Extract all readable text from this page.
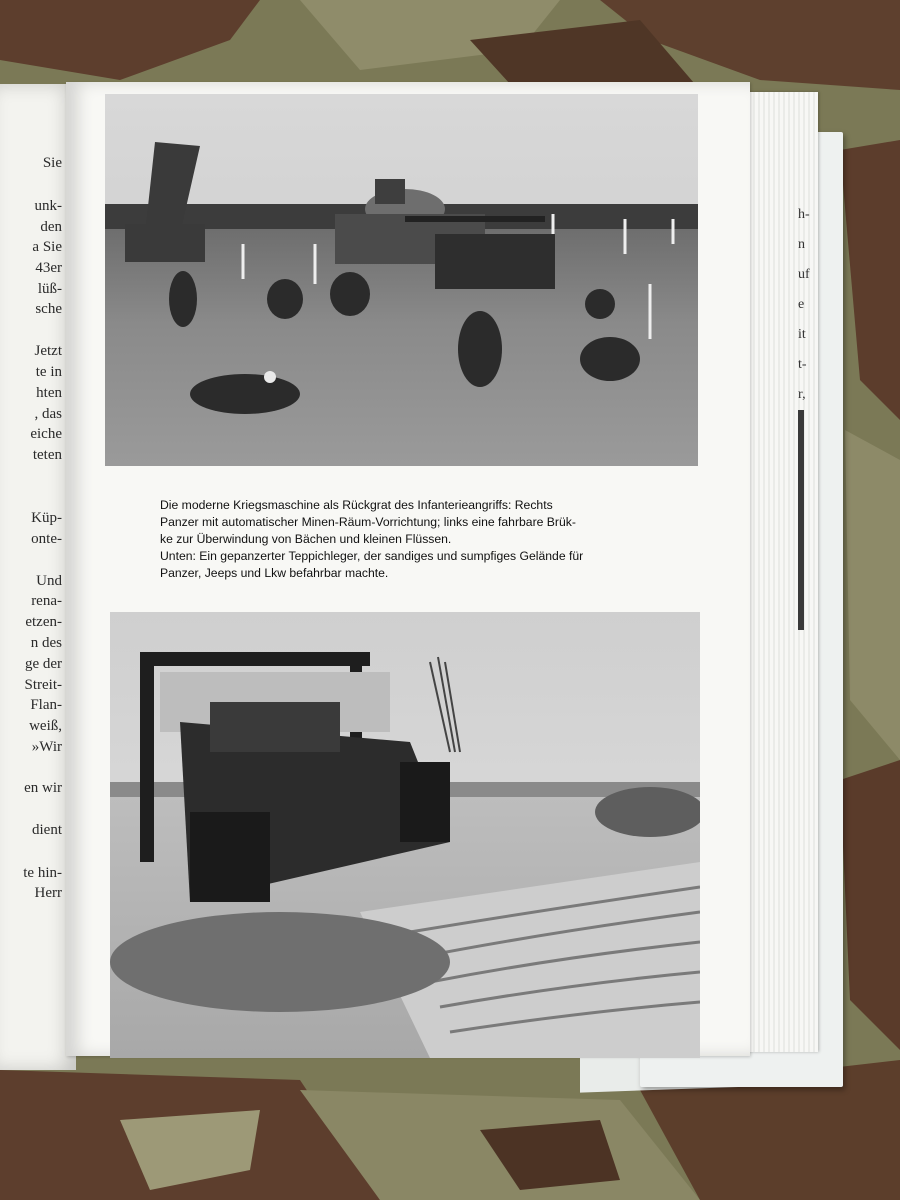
h-
n
uf
e
it
t-
r,
Sie
unk-
den
a Sie
43er
lüß-
sche
Jetzt
te in
hten
, das
eiche
teten
Küp-
onte-
Und
rena-
etzen-
n des
ge der
Streit-
Flan-
weiß,
»Wir
en wir
dient
te hin-
Herr

Die moderne Kriegsmaschine als Rückgrat des Infanterieangriffs: Rechts

Panzer mit automatischer Minen-Räum-Vorrichtung; links eine fahrbare Brük-

ke zur Überwindung von Bächen und kleinen Flüssen.

Unten: Ein gepanzerter Teppichleger, der sandiges und sumpfiges Gelände für

Panzer, Jeeps und Lkw befahrbar machte.
